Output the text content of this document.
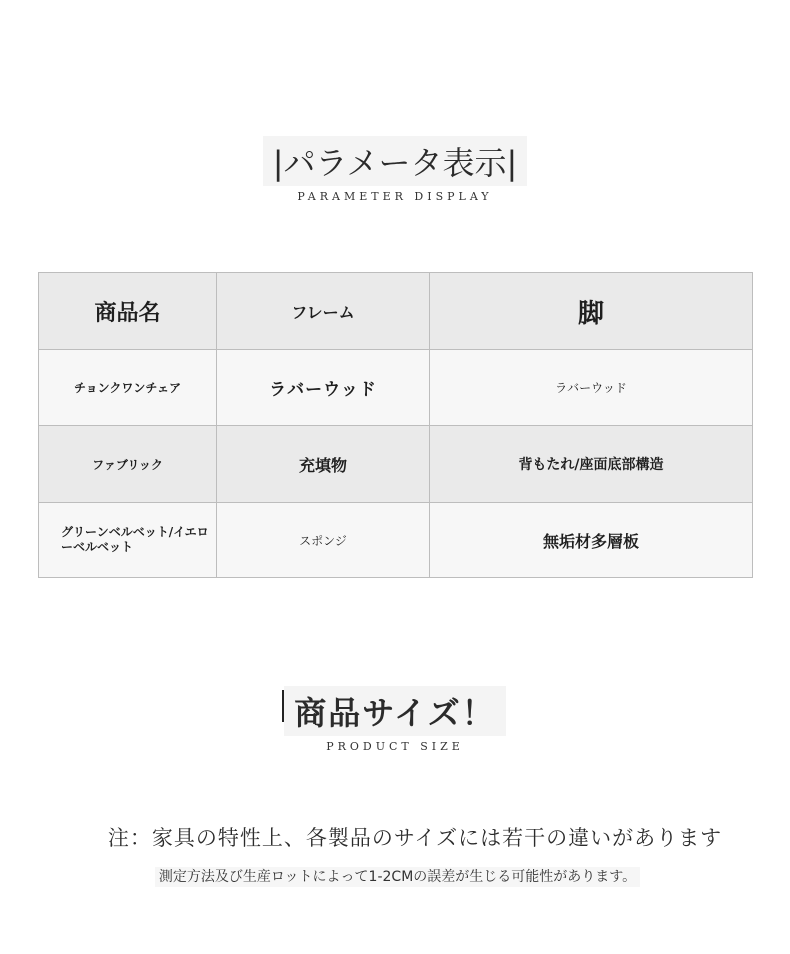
|パラメータ表示|
PARAMETER DISPLAY
商品名	フレーム	脚
チョンクワンチェア	ラバーウッド	ラバーウッド
ファブリック	充填物	背もたれ/座面底部構造
グリーンベルベット/イエローベルベット	スポンジ	無垢材多層板
商品サイズ！
PRODUCT SIZE
注：家具の特性上、各製品のサイズには若干の違いがあります
測定方法及び生産ロットによって1-2CMの誤差が生じる可能性があります。
